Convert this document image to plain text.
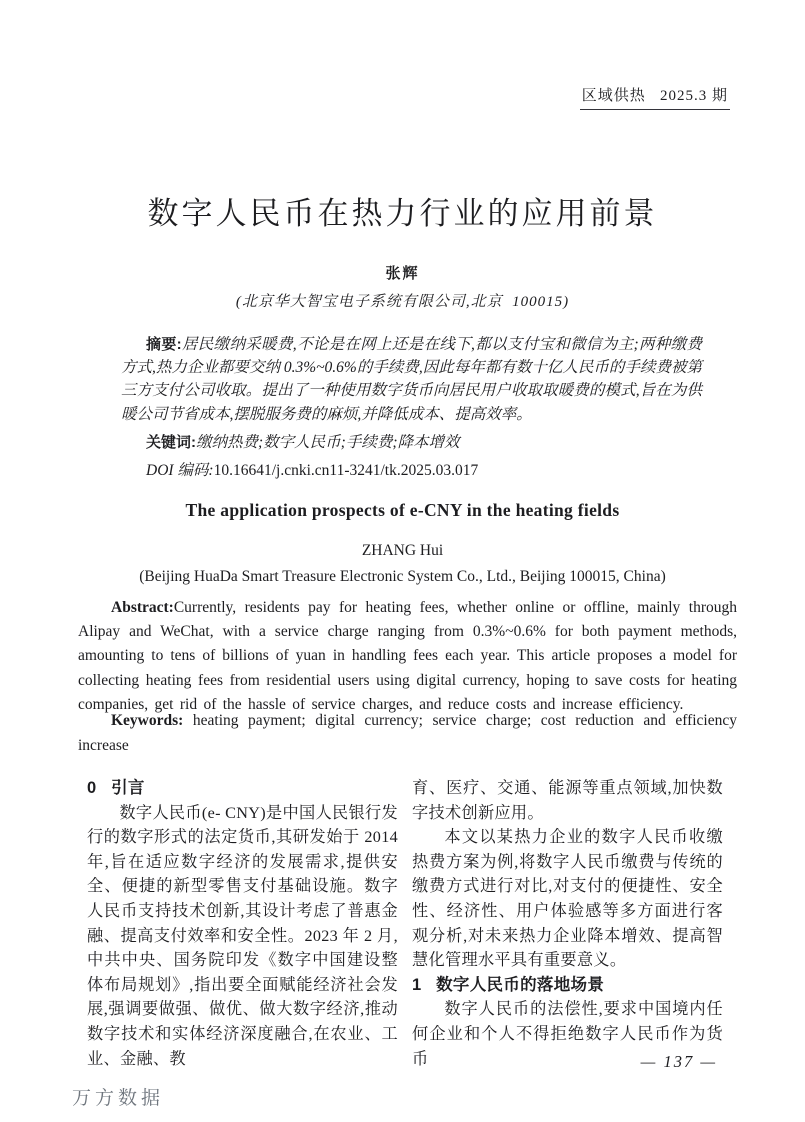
区域供热   2025.3 期
数字人民币在热力行业的应用前景
张辉
(北京华大智宝电子系统有限公司,北京  100015)

摘要:居民缴纳采暖费,不论是在网上还是在线下,都以支付宝和微信为主;两种缴费方式,热力企业都要交纳 0.3%~0.6%的手续费,因此每年都有数十亿人民币的手续费被第三方支付公司收取。提出了一种使用数字货币向居民用户收取取暖费的模式,旨在为供暖公司节省成本,摆脱服务费的麻烦,并降低成本、提高效率。

关键词:缴纳热费;数字人民币;手续费;降本增效

DOI 编码:10.16641/j.cnki.cn11-3241/tk.2025.03.017

The application prospects of e-CNY in the heating fields
ZHANG Hui
(Beijing HuaDa Smart Treasure Electronic System Co., Ltd., Beijing 100015, China)

Abstract:Currently, residents pay for heating fees, whether online or offline, mainly through Alipay and WeChat, with a service charge ranging from 0.3%~0.6% for both payment methods, amounting to tens of billions of yuan in handling fees each year. This article proposes a model for collecting heating fees from residential users using digital currency, hoping to save costs for heating companies, get rid of the hassle of service charges, and reduce costs and increase efficiency.

Keywords: heating payment; digital currency; service charge; cost reduction and efficiency increase

0   引言

数字人民币(e- CNY)是中国人民银行发行的数字形式的法定货币,其研发始于 2014 年,旨在适应数字经济的发展需求,提供安全、便捷的新型零售支付基础设施。数字人民币支持技术创新,其设计考虑了普惠金融、提高支付效率和安全性。2023 年 2 月,中共中央、国务院印发《数字中国建设整体布局规划》,指出要全面赋能经济社会发展,强调要做强、做优、做大数字经济,推动数字技术和实体经济深度融合,在农业、工业、金融、教

育、医疗、交通、能源等重点领域,加快数字技术创新应用。

本文以某热力企业的数字人民币收缴热费方案为例,将数字人民币缴费与传统的缴费方式进行对比,对支付的便捷性、安全性、经济性、用户体验感等多方面进行客观分析,对未来热力企业降本增效、提高智慧化管理水平具有重要意义。

1   数字人民币的落地场景

数字人民币的法偿性,要求中国境内任何企业和个人不得拒绝数字人民币作为货币	— 137 —
万方数据
